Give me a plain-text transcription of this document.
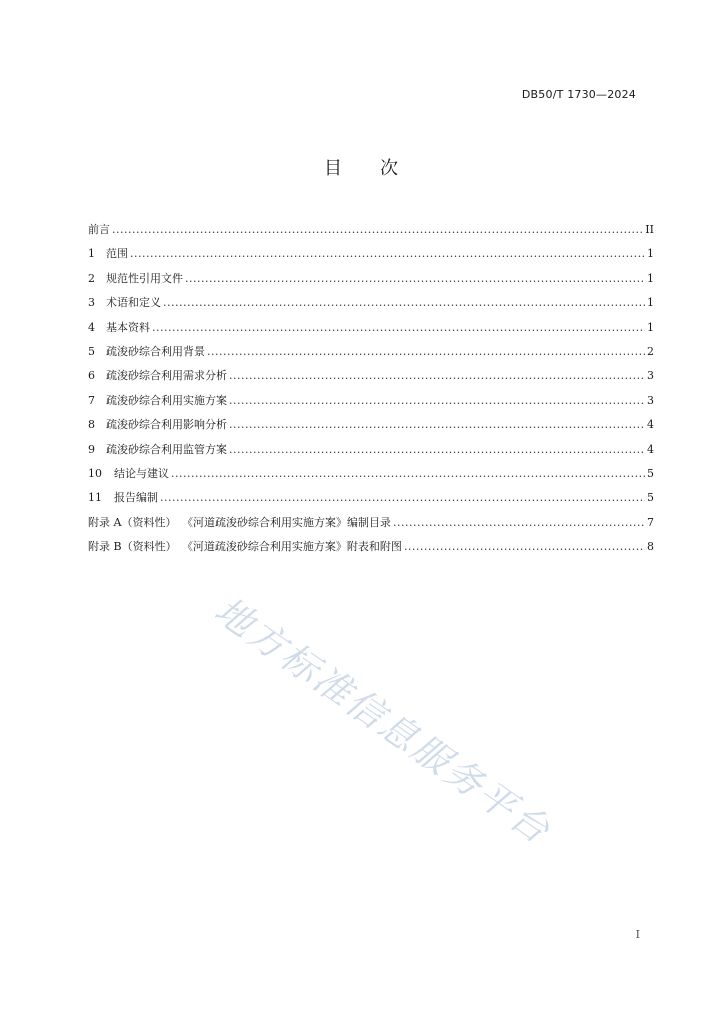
DB50/T 1730—2024
目 次
前言 .....	II
1	范围 .....	1
2	规范性引用文件 .....	1
3	术语和定义 .....	1
4	基本资料 .....	1
5	疏浚砂综合利用背景 .....	2
6	疏浚砂综合利用需求分析 .....	3
7	疏浚砂综合利用实施方案 .....	3
8	疏浚砂综合利用影响分析 .....	4
9	疏浚砂综合利用监管方案 .....	4
10	结论与建议 .....	5
11	报告编制 .....	5
附录 A（资料性） 《河道疏浚砂综合利用实施方案》编制目录 .....	7
附录 B（资料性） 《河道疏浚砂综合利用实施方案》附表和附图 .....	8
地方标准信息服务平台
I
